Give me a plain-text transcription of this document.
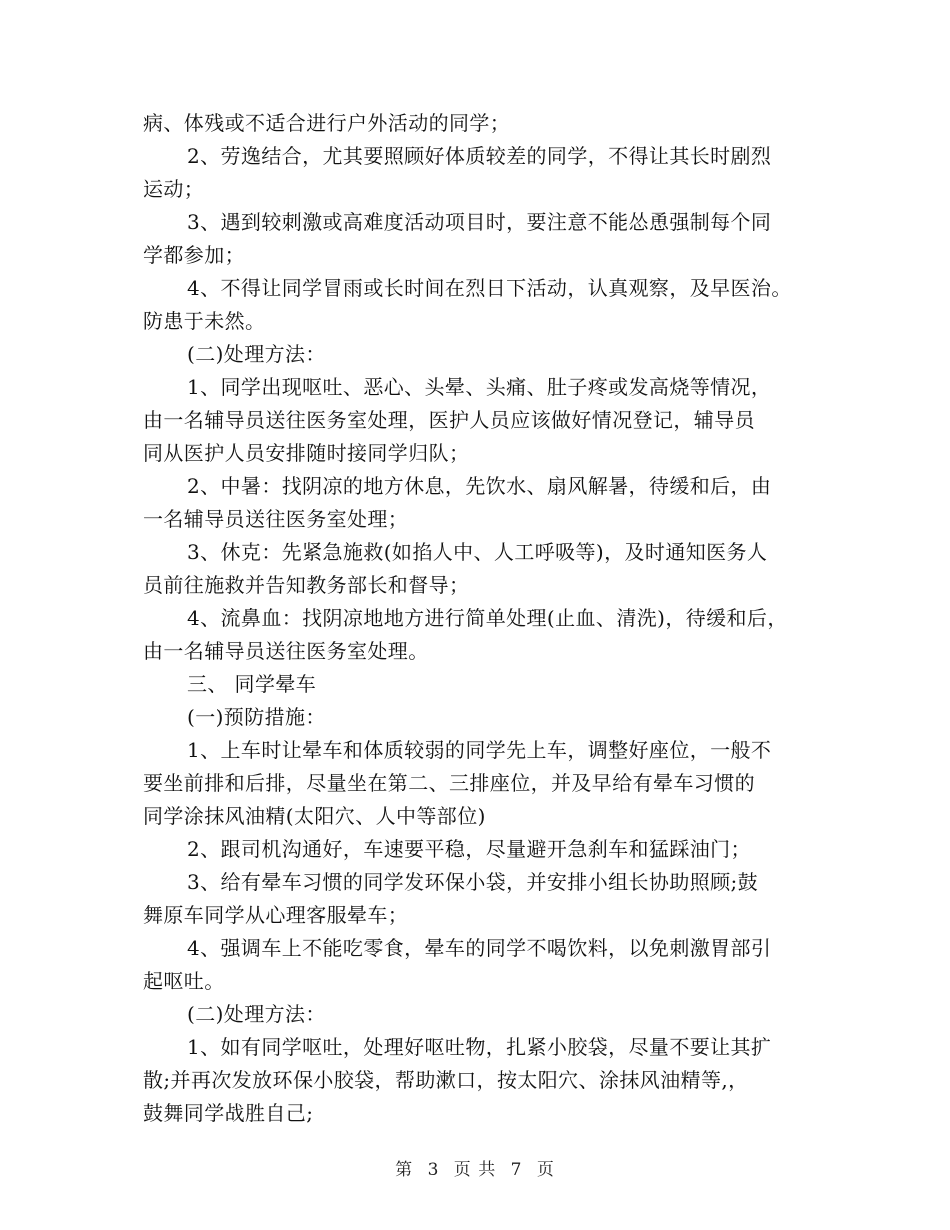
病、体残或不适合进行户外活动的同学；
2、劳逸结合，尤其要照顾好体质较差的同学，不得让其长时剧烈
运动；
3、遇到较刺激或高难度活动项目时，要注意不能怂恿强制每个同
学都参加；
4、不得让同学冒雨或长时间在烈日下活动，认真观察，及早医治。
防患于未然。
(二)处理方法：
1、同学出现呕吐、恶心、头晕、头痛、肚子疼或发高烧等情况，
由一名辅导员送往医务室处理，医护人员应该做好情况登记，辅导员
同从医护人员安排随时接同学归队；
2、中暑：找阴凉的地方休息，先饮水、扇风解暑，待缓和后，由
一名辅导员送往医务室处理；
3、休克：先紧急施救(如掐人中、人工呼吸等)，及时通知医务人
员前往施救并告知教务部长和督导；
4、流鼻血：找阴凉地地方进行简单处理(止血、清洗)，待缓和后，
由一名辅导员送往医务室处理。
三、 同学晕车
(一)预防措施：
1、上车时让晕车和体质较弱的同学先上车，调整好座位，一般不
要坐前排和后排，尽量坐在第二、三排座位，并及早给有晕车习惯的
同学涂抹风油精(太阳穴、人中等部位)
2、跟司机沟通好，车速要平稳，尽量避开急刹车和猛踩油门；
3、给有晕车习惯的同学发环保小袋，并安排小组长协助照顾;鼓
舞原车同学从心理客服晕车；
4、强调车上不能吃零食，晕车的同学不喝饮料，以免刺激胃部引
起呕吐。
(二)处理方法：
1、如有同学呕吐，处理好呕吐物，扎紧小胶袋，尽量不要让其扩
散;并再次发放环保小胶袋，帮助漱口，按太阳穴、涂抹风油精等,，
鼓舞同学战胜自己;
第 3 页 共 7 页
